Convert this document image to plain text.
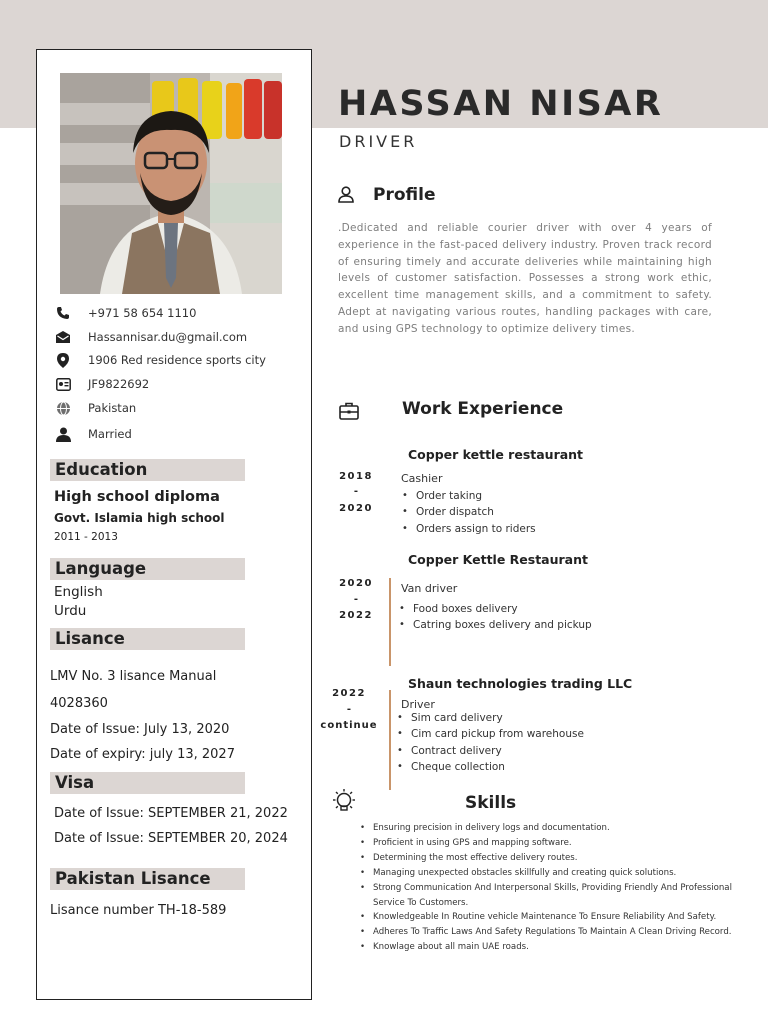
+971 58 654 1110
Hassannisar.du@gmail.com
1906 Red residence sports city
JF9822692
Pakistan
Married
Education
High school diploma
Govt. Islamia high school
2011 - 2013
Language
English
Urdu
Lisance
LMV No. 3 lisance Manual
4028360
Date of Issue: July 13, 2020
Date of expiry: july 13, 2027
Visa
Date of Issue: SEPTEMBER 21, 2022
Date of Issue: SEPTEMBER 20, 2024
Pakistan Lisance
Lisance number TH-18-589
HASSAN NISAR
DRIVER
Profile
.Dedicated and reliable courier driver with over 4 years of experience in the fast-paced delivery industry. Proven track record of ensuring timely and accurate deliveries while maintaining high levels of customer satisfaction. Possesses a strong work ethic, excellent time management skills, and a commitment to safety. Adept at navigating various routes, handling packages with care, and using GPS technology to optimize delivery times.
Work Experience
Copper kettle restaurant
2018
-
2020
Cashier
• Order taking
• Order dispatch
• Orders assign to riders
Copper Kettle Restaurant
2020
-
2022
Van driver
• Food boxes delivery
• Catring boxes delivery and pickup
Shaun technologies trading LLC
2022
-
continue
Driver
• Sim card delivery
• Cim card pickup from warehouse
• Contract delivery
• Cheque collection
Skills
• Ensuring precision in delivery logs and documentation.
• Proficient in using GPS and mapping software.
• Determining the most effective delivery routes.
• Managing unexpected obstacles skillfully and creating quick solutions.
• Strong Communication And Interpersonal Skills, Providing Friendly And Professional Service To Customers.
• Knowledgeable In Routine vehicle Maintenance To Ensure Reliability And Safety.
• Adheres To Traffic Laws And Safety Regulations To Maintain A Clean Driving Record.
• Knowlage about all main UAE roads.
